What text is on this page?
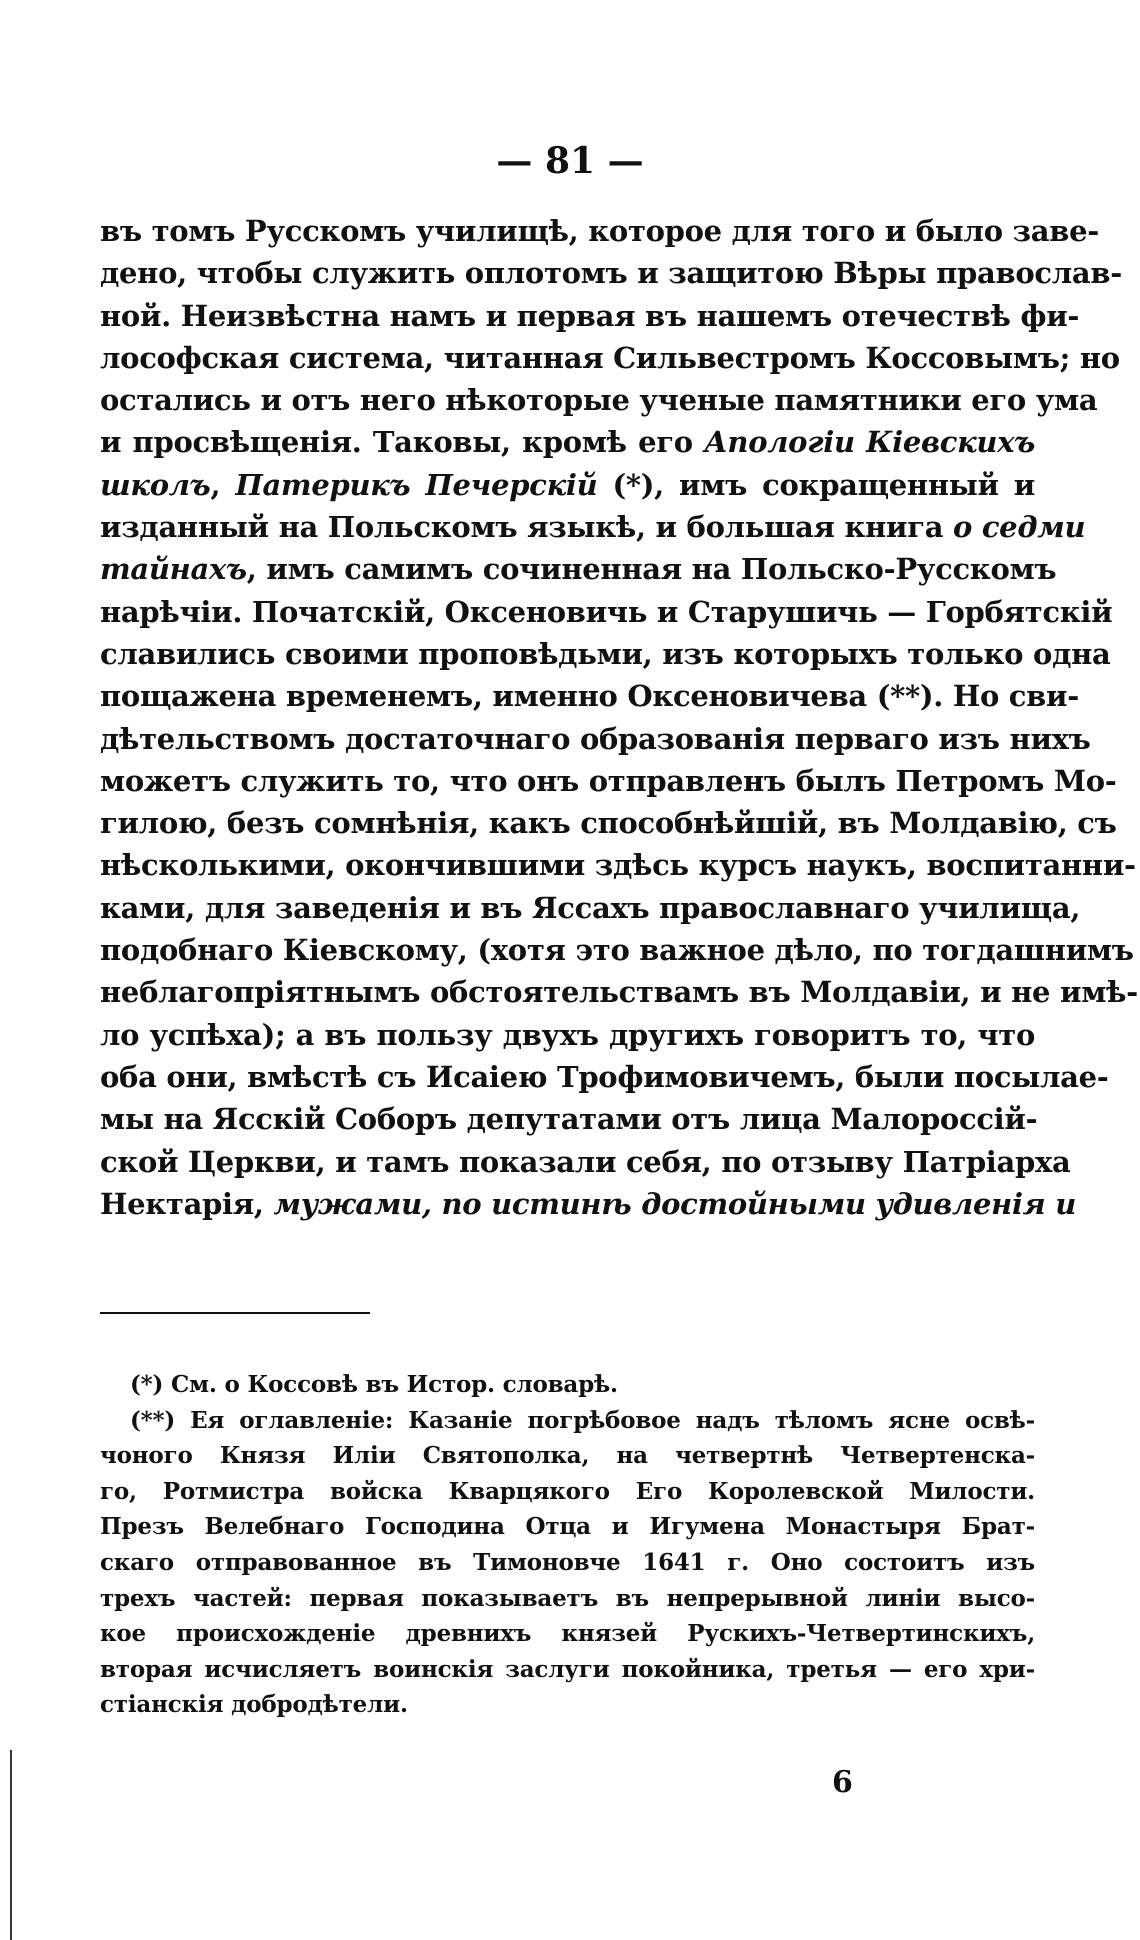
— 81 —
въ томъ Русскомъ училищѣ, которое для того и было заве-
дено, чтобы служить оплотомъ и защитою Вѣры православ-
ной. Неизвѣстна намъ и первая въ нашемъ отечествѣ фи-
лософская система, читанная Сильвестромъ Коссовымъ; но
остались и отъ него нѣкоторые ученые памятники его ума
и просвѣщенія. Таковы, кромѣ его Апологіи Кіевскихъ
школъ, Патерикъ Печерскій (*), имъ сокращенный и
изданный на Польскомъ языкѣ, и большая книга о седми
тайнахъ, имъ самимъ сочиненная на Польско-Русскомъ
нарѣчіи. Початскій, Оксеновичь и Старушичь — Горбятскій
славились своими проповѣдьми, изъ которыхъ только одна
пощажена временемъ, именно Оксеновичева (**). Но сви-
дѣтельствомъ достаточнаго образованія перваго изъ нихъ
можетъ служить то, что онъ отправленъ былъ Петромъ Мо-
гилою, безъ сомнѣнія, какъ способнѣйшій, въ Молдавію, съ
нѣсколькими, окончившими здѣсь курсъ наукъ, воспитанни-
ками, для заведенія и въ Яссахъ православнаго училища,
подобнаго Кіевскому, (хотя это важное дѣло, по тогдашнимъ
неблагопріятнымъ обстоятельствамъ въ Молдавіи, и не имѣ-
ло успѣха); а въ пользу двухъ другихъ говоритъ то, что
оба они, вмѣстѣ съ Исаіею Трофимовичемъ, были посылае-
мы на Ясскій Соборъ депутатами отъ лица Малороссій-
ской Церкви, и тамъ показали себя, по отзыву Патріарха
Нектарія, мужами, по истинѣ достойными удивленія и
(*) См. о Коссовѣ въ Истор. словарѣ.
(**) Ея оглавленіе: Казаніе погрѣбовое надъ тѣломъ ясне освѣ-
чоного Князя Иліи Святополка, на четвертнѣ Четвертенска-
го, Ротмистра войска Кварцякого Его Королевской Милости.
Презъ Велебнаго Господина Отца и Игумена Монастыря Брат-
скаго отправованное въ Тимоновче 1641 г. Оно состоитъ изъ
трехъ частей: первая показываетъ въ непрерывной линіи высо-
кое происхожденіе древнихъ князей Рускихъ-Четвертинскихъ,
вторая исчисляетъ воинскія заслуги покойника, третья — его хри-
стіанскія добродѣтели.
6
